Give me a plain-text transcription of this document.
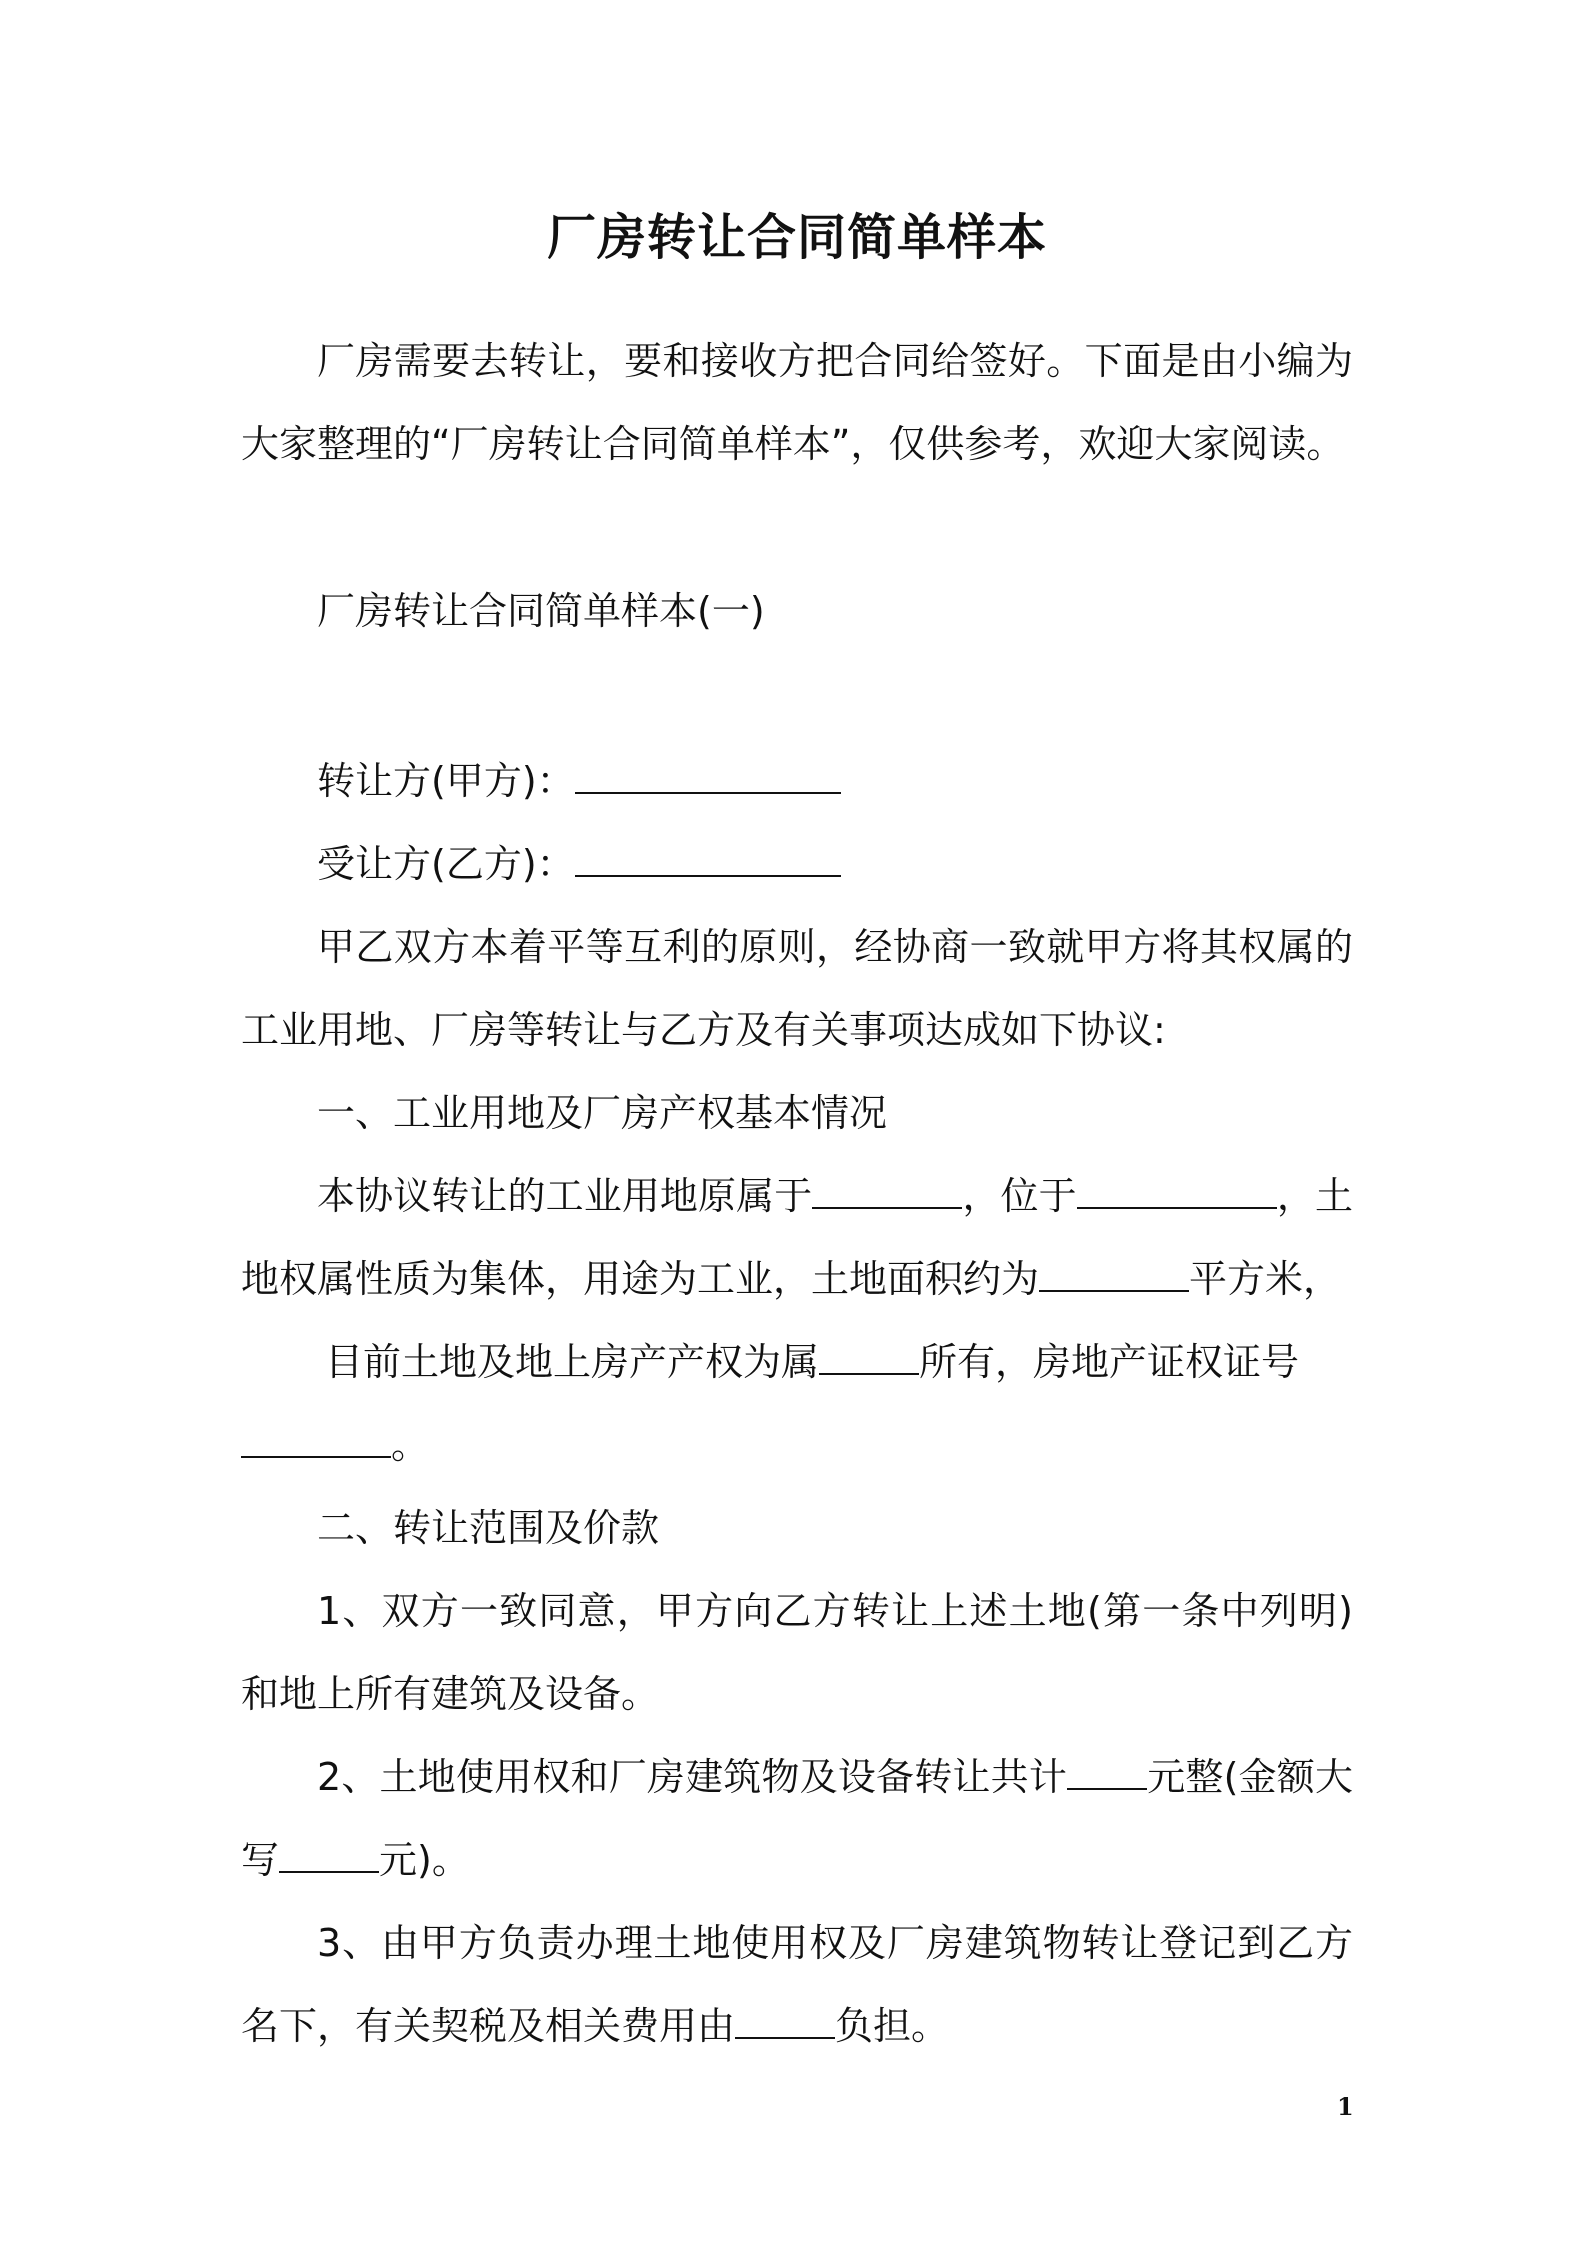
厂房转让合同简单样本
厂房需要去转让，要和接收方把合同给签好。下面是由小编为大家整理的“厂房转让合同简单样本”，仅供参考，欢迎大家阅读。
厂房转让合同简单样本(一)
转让方(甲方)：
受让方(乙方)：
甲乙双方本着平等互利的原则，经协商一致就甲方将其权属的工业用地、厂房等转让与乙方及有关事项达成如下协议:
一、工业用地及厂房产权基本情况
本协议转让的工业用地原属于	，位于	，土地权属性质为集体，用途为工业，土地面积约为	平方米，
目前土地及地上房产产权为属	所有，房地产证权证号
。
二、转让范围及价款
1、双方一致同意，甲方向乙方转让上述土地(第一条中列明)和地上所有建筑及设备。
2、土地使用权和厂房建筑物及设备转让共计 元整(金额大写	元)。
3、由甲方负责办理土地使用权及厂房建筑物转让登记到乙方名下，有关契税及相关费用由	负担。
1
